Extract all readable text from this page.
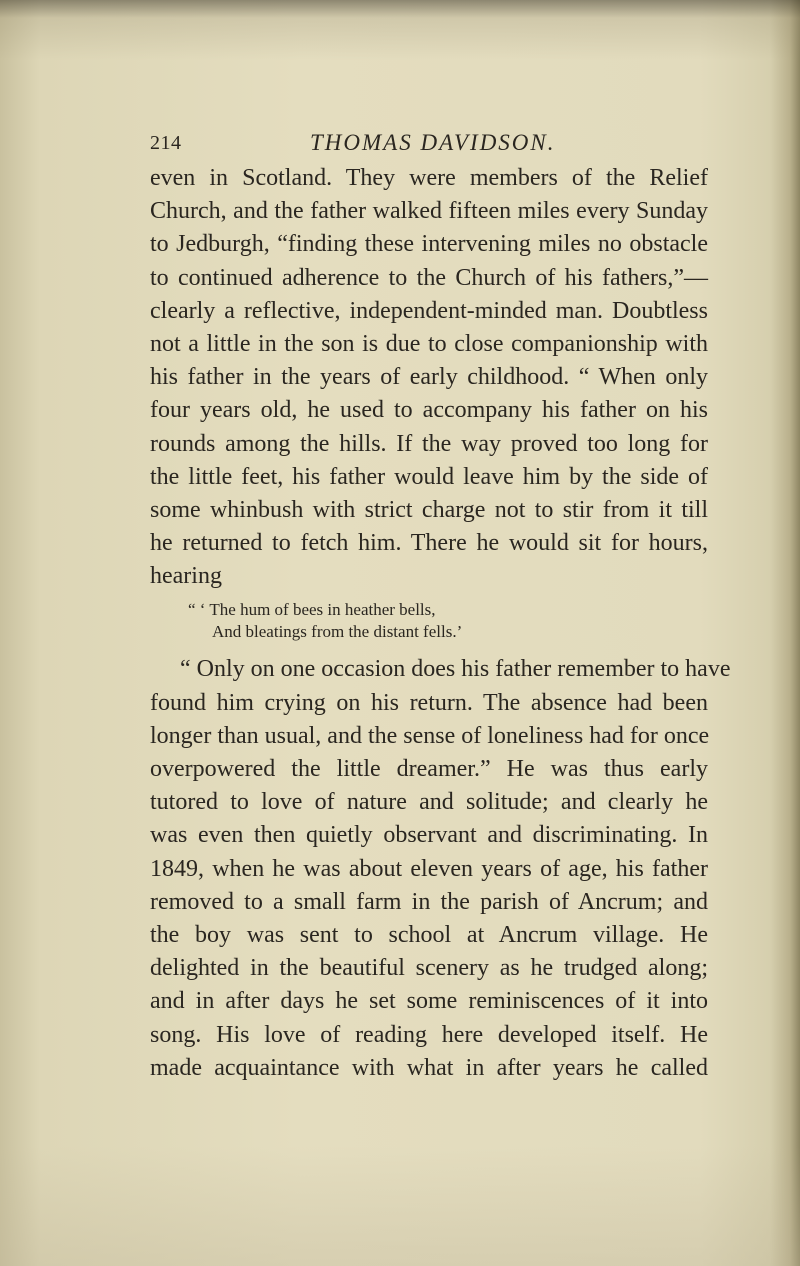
214	THOMAS DAVIDSON.
even in Scotland. They were members of the Relief
Church, and the father walked fifteen miles every Sunday
to Jedburgh, “finding these intervening miles no obstacle
to continued adherence to the Church of his fathers,”—
clearly a reflective, independent-minded man. Doubtless
not a little in the son is due to close companionship with
his father in the years of early childhood. “ When only
four years old, he used to accompany his father on his
rounds among the hills. If the way proved too long for
the little feet, his father would leave him by the side of
some whinbush with strict charge not to stir from it till
he returned to fetch him. There he would sit for hours,
hearing
“ ‘ The hum of bees in heather bells,
And bleatings from the distant fells.’
“ Only on one occasion does his father remember to have
found him crying on his return. The absence had been
longer than usual, and the sense of loneliness had for once
overpowered the little dreamer.” He was thus early
tutored to love of nature and solitude; and clearly he
was even then quietly observant and discriminating. In
1849, when he was about eleven years of age, his father
removed to a small farm in the parish of Ancrum; and
the boy was sent to school at Ancrum village. He
delighted in the beautiful scenery as he trudged along;
and in after days he set some reminiscences of it into
song. His love of reading here developed itself. He
made acquaintance with what in after years he called
